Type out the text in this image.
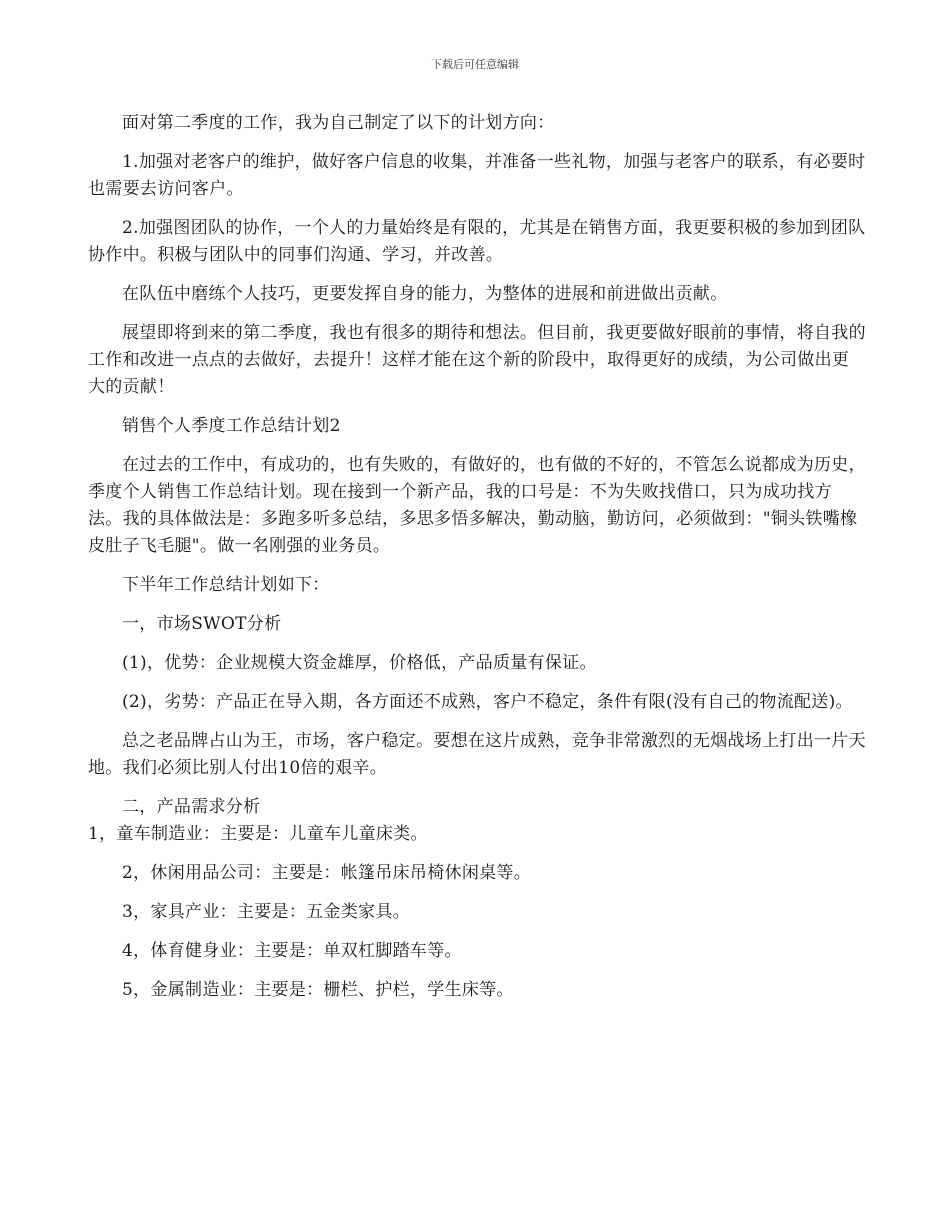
下载后可任意编辑

面对第二季度的工作，我为自己制定了以下的计划方向：

1.加强对老客户的维护，做好客户信息的收集，并准备一些礼物，加强与老客户的联系，有必要时也需要去访问客户。

2.加强图团队的协作，一个人的力量始终是有限的，尤其是在销售方面，我更要积极的参加到团队协作中。积极与团队中的同事们沟通、学习，并改善。

在队伍中磨练个人技巧，更要发挥自身的能力，为整体的进展和前进做出贡献。

展望即将到来的第二季度，我也有很多的期待和想法。但目前，我更要做好眼前的事情，将自我的工作和改进一点点的去做好，去提升！这样才能在这个新的阶段中，取得更好的成绩，为公司做出更大的贡献！

销售个人季度工作总结计划2

在过去的工作中，有成功的，也有失败的，有做好的，也有做的不好的，不管怎么说都成为历史，季度个人销售工作总结计划。现在接到一个新产品，我的口号是：不为失败找借口，只为成功找方法。我的具体做法是：多跑多听多总结，多思多悟多解决，勤动脑，勤访问，必须做到："铜头铁嘴橡皮肚子飞毛腿"。做一名刚强的业务员。

下半年工作总结计划如下：

一，市场SWOT分析

(1)，优势：企业规模大资金雄厚，价格低，产品质量有保证。

(2)，劣势：产品正在导入期，各方面还不成熟，客户不稳定，条件有限(没有自己的物流配送)。

总之老品牌占山为王，市场，客户稳定。要想在这片成熟，竞争非常激烈的无烟战场上打出一片天地。我们必须比别人付出10倍的艰辛。

二，产品需求分析

1，童车制造业：主要是：儿童车儿童床类。

2，休闲用品公司：主要是：帐篷吊床吊椅休闲桌等。

3，家具产业：主要是：五金类家具。

4，体育健身业：主要是：单双杠脚踏车等。

5，金属制造业：主要是：栅栏、护栏，学生床等。
